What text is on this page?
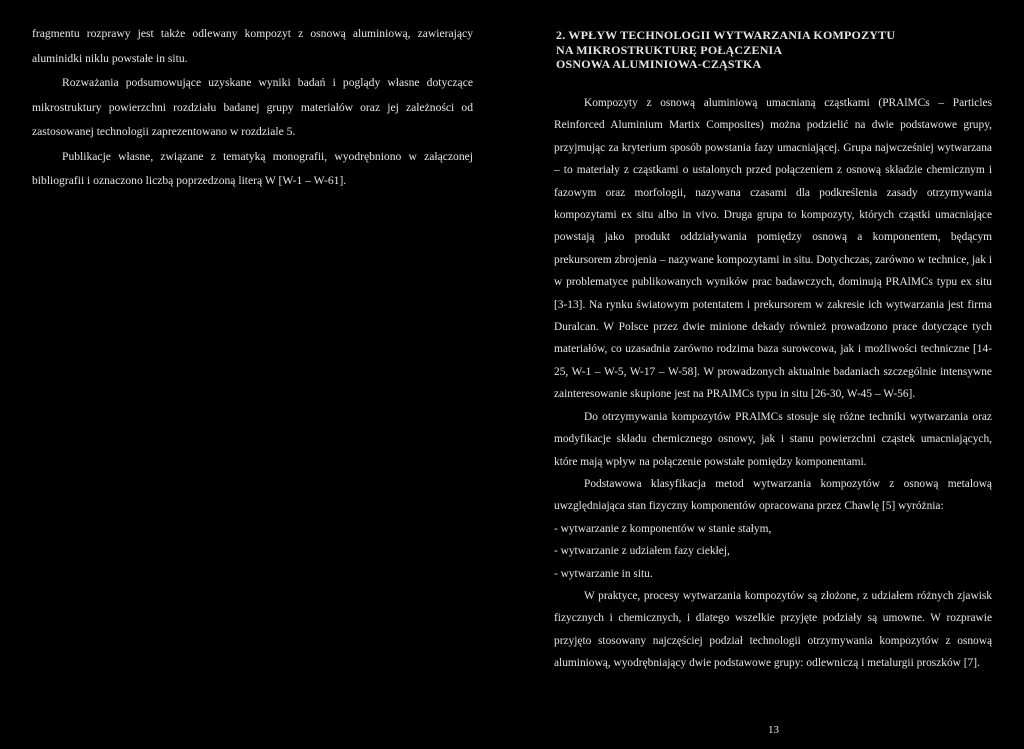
fragmentu rozprawy jest także odlewany kompozyt z osnową aluminiową, zawierający aluminidki niklu powstałe in situ.

Rozważania podsumowujące uzyskane wyniki badań i poglądy własne dotyczące mikrostruktury powierzchni rozdziału badanej grupy materiałów oraz jej zależności od zastosowanej technologii zaprezentowano w rozdziale 5.

Publikacje własne, związane z tematyką monografii, wyodrębniono w załączonej bibliografii i oznaczono liczbą poprzedzoną literą W [W-1 – W-61].

2. WPŁYW TECHNOLOGII WYTWARZANIA KOMPOZYTU
NA MIKROSTRUKTURĘ POŁĄCZENIA
OSNOWA ALUMINIOWA-CZĄSTKA

Kompozyty z osnową aluminiową umacnianą cząstkami (PRAlMCs – Particles Reinforced Aluminium Martix Composites) można podzielić na dwie podstawowe grupy, przyjmując za kryterium sposób powstania fazy umacniającej. Grupa najwcześniej wytwarzana – to materiały z cząstkami o ustalonych przed połączeniem z osnową składzie chemicznym i fazowym oraz morfologii, nazywana czasami dla podkreślenia zasady otrzymywania kompozytami ex situ albo in vivo. Druga grupa to kompozyty, których cząstki umacniające powstają jako produkt oddziaływania pomiędzy osnową a komponentem, będącym prekursorem zbrojenia – nazywane kompozytami in situ. Dotychczas, zarówno w technice, jak i w problematyce publikowanych wyników prac badawczych, dominują PRAlMCs typu ex situ [3-13]. Na rynku światowym potentatem i prekursorem w zakresie ich wytwarzania jest firma Duralcan. W Polsce przez dwie minione dekady również prowadzono prace dotyczące tych materiałów, co uzasadnia zarówno rodzima baza surowcowa, jak i możliwości techniczne [14-25, W-1 – W-5, W-17 – W-58]. W prowadzonych aktualnie badaniach szczególnie intensywne zainteresowanie skupione jest na PRAlMCs typu in situ [26-30, W-45 – W-56].

Do otrzymywania kompozytów PRAlMCs stosuje się różne techniki wytwarzania oraz modyfikacje składu chemicznego osnowy, jak i stanu powierzchni cząstek umacniających, które mają wpływ na połączenie powstałe pomiędzy komponentami.

Podstawowa klasyfikacja metod wytwarzania kompozytów z osnową metalową uwzględniająca stan fizyczny komponentów opracowana przez Chawlę [5] wyróżnia:

- wytwarzanie z komponentów w stanie stałym,

- wytwarzanie z udziałem fazy ciekłej,

- wytwarzanie in situ.

W praktyce, procesy wytwarzania kompozytów są złożone, z udziałem różnych zjawisk fizycznych i chemicznych, i dlatego wszelkie przyjęte podziały są umowne. W rozprawie przyjęto stosowany najczęściej podział technologii otrzymywania kompozytów z osnową aluminiową, wyodrębniający dwie podstawowe grupy: odlewniczą i metalurgii proszków [7].

13
